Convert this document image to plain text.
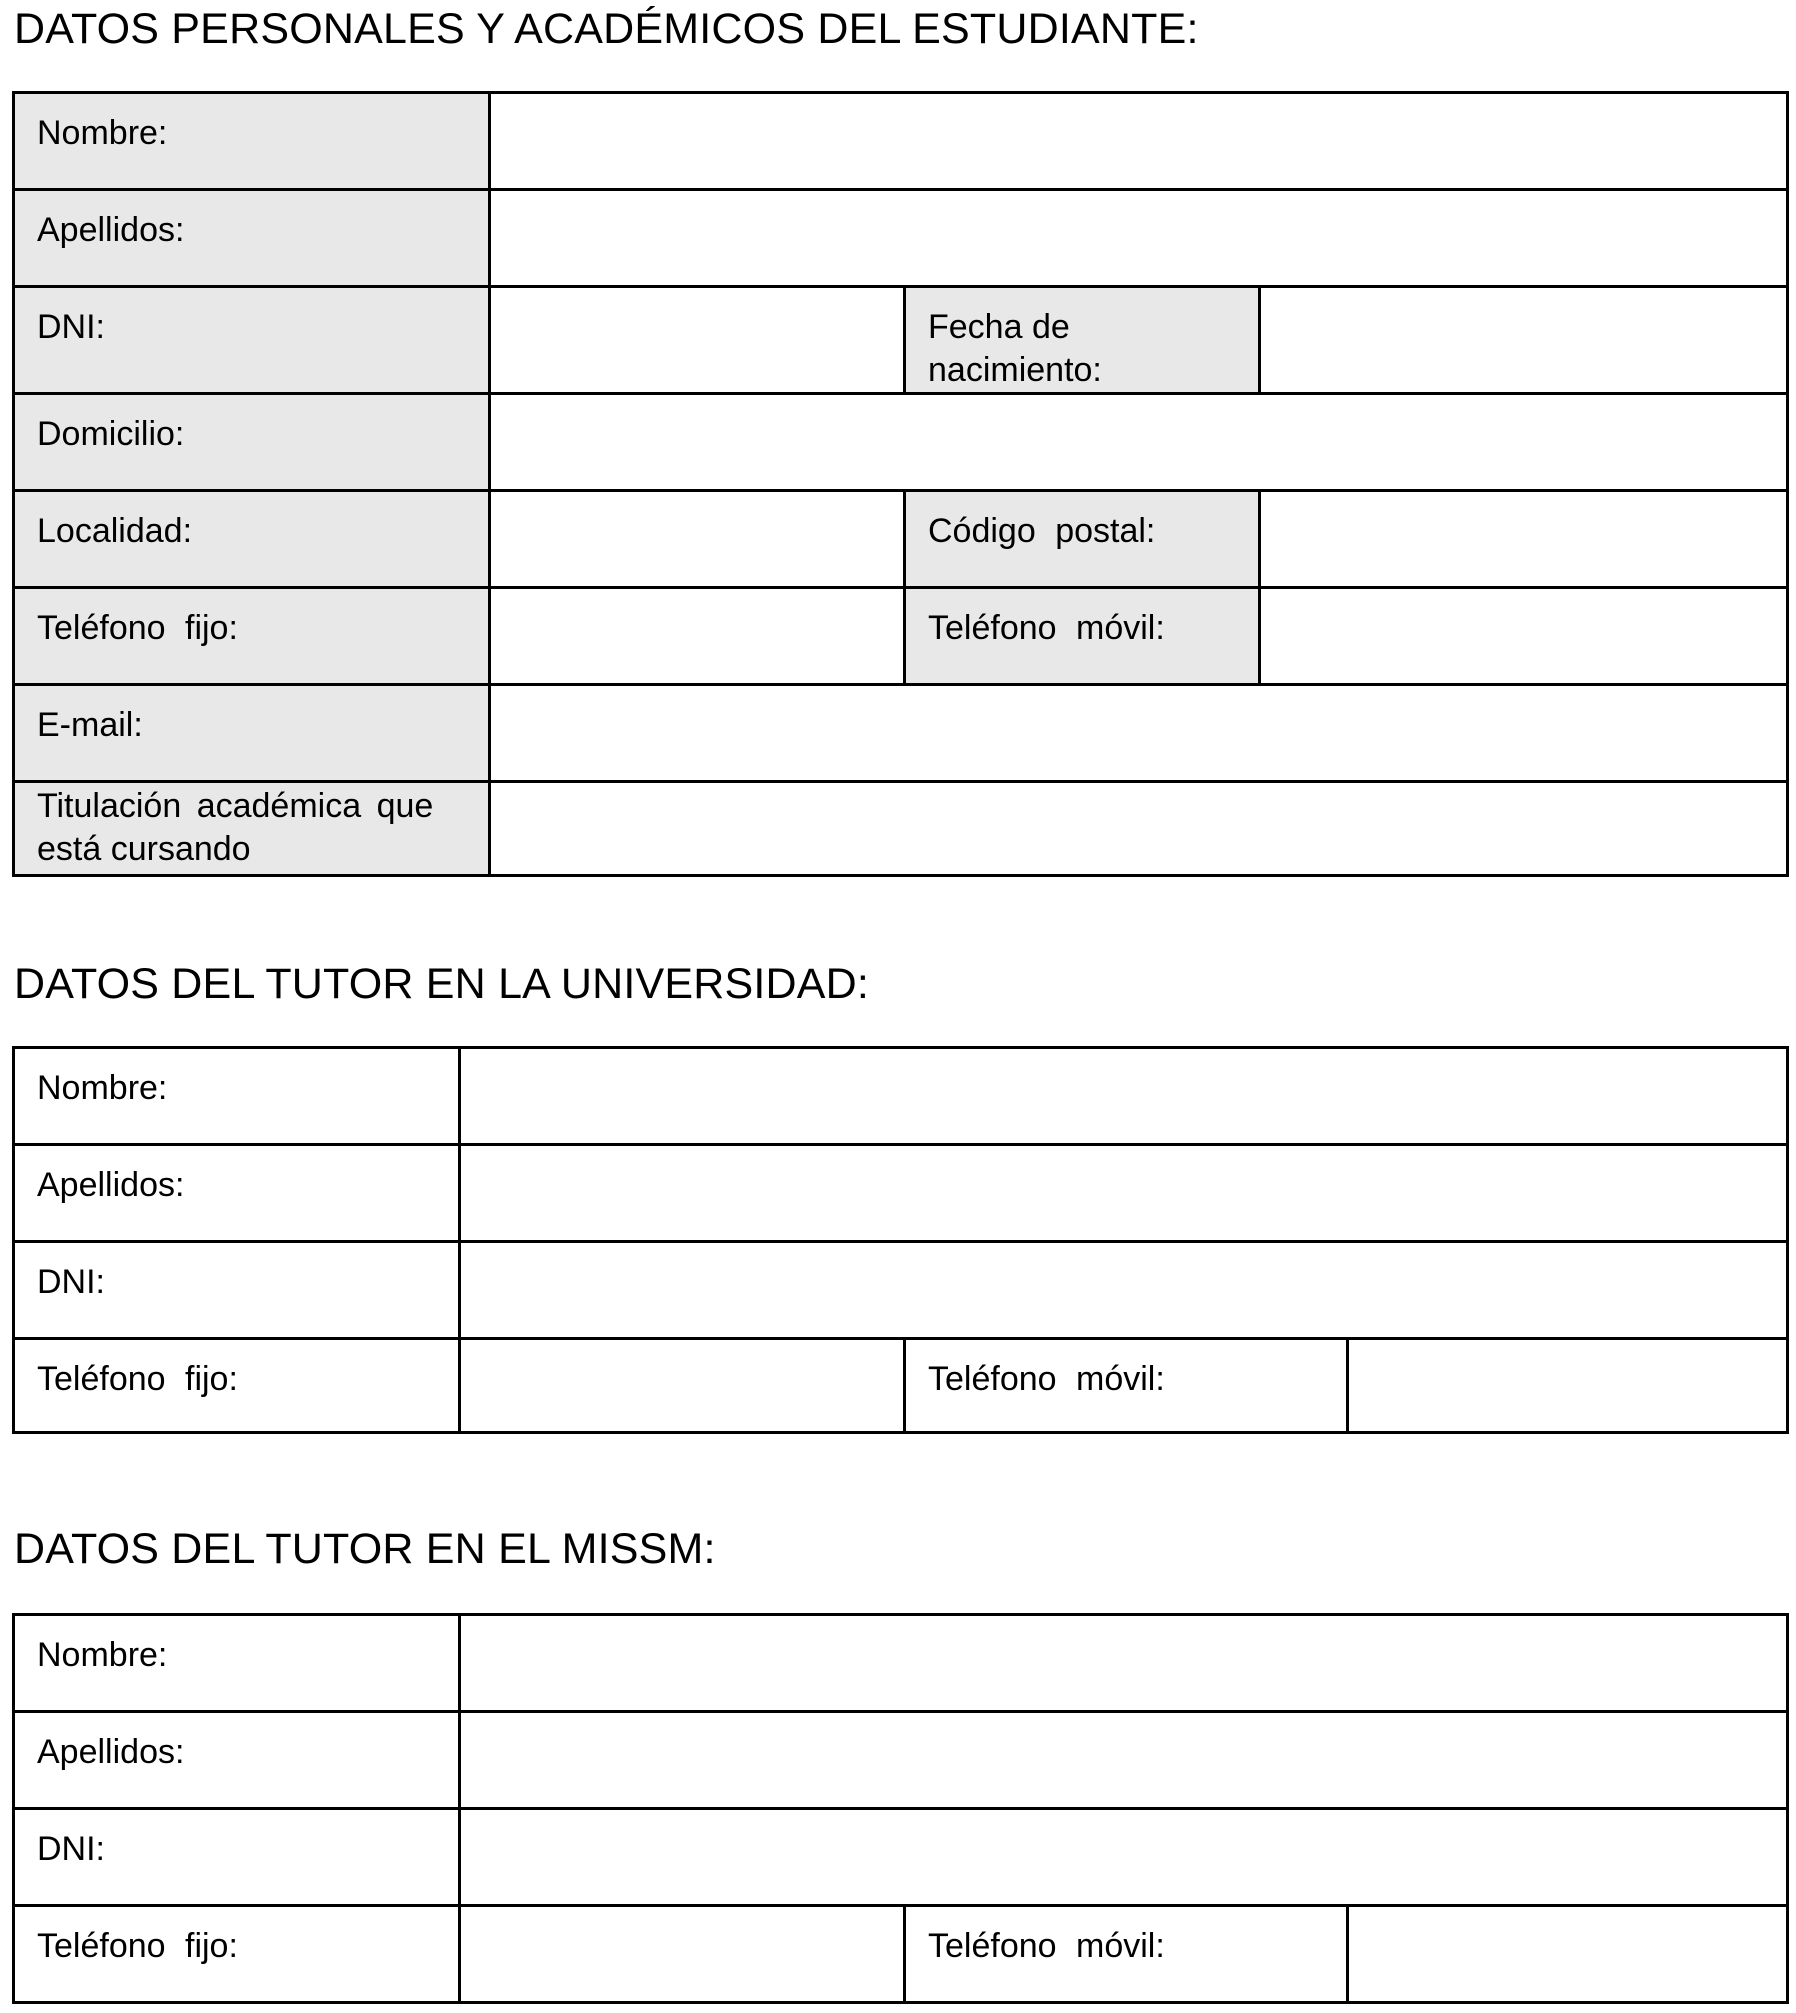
DATOS PERSONALES Y ACADÉMICOS DEL ESTUDIANTE:
Nombre:	

Apellidos:	

DNI:		Fecha de
nacimiento:

Domicilio:	

Localidad:		Código postal:	

Teléfono fijo:		Teléfono móvil:	

E-mail:	

Titulación académica que
está cursando

DATOS DEL TUTOR EN LA UNIVERSIDAD:
Nombre:	

Apellidos:	

DNI:	

Teléfono fijo:		Teléfono móvil:	
DATOS DEL TUTOR EN EL MISSM:
Nombre:	

Apellidos:	

DNI:	

Teléfono fijo:		Teléfono móvil:	
